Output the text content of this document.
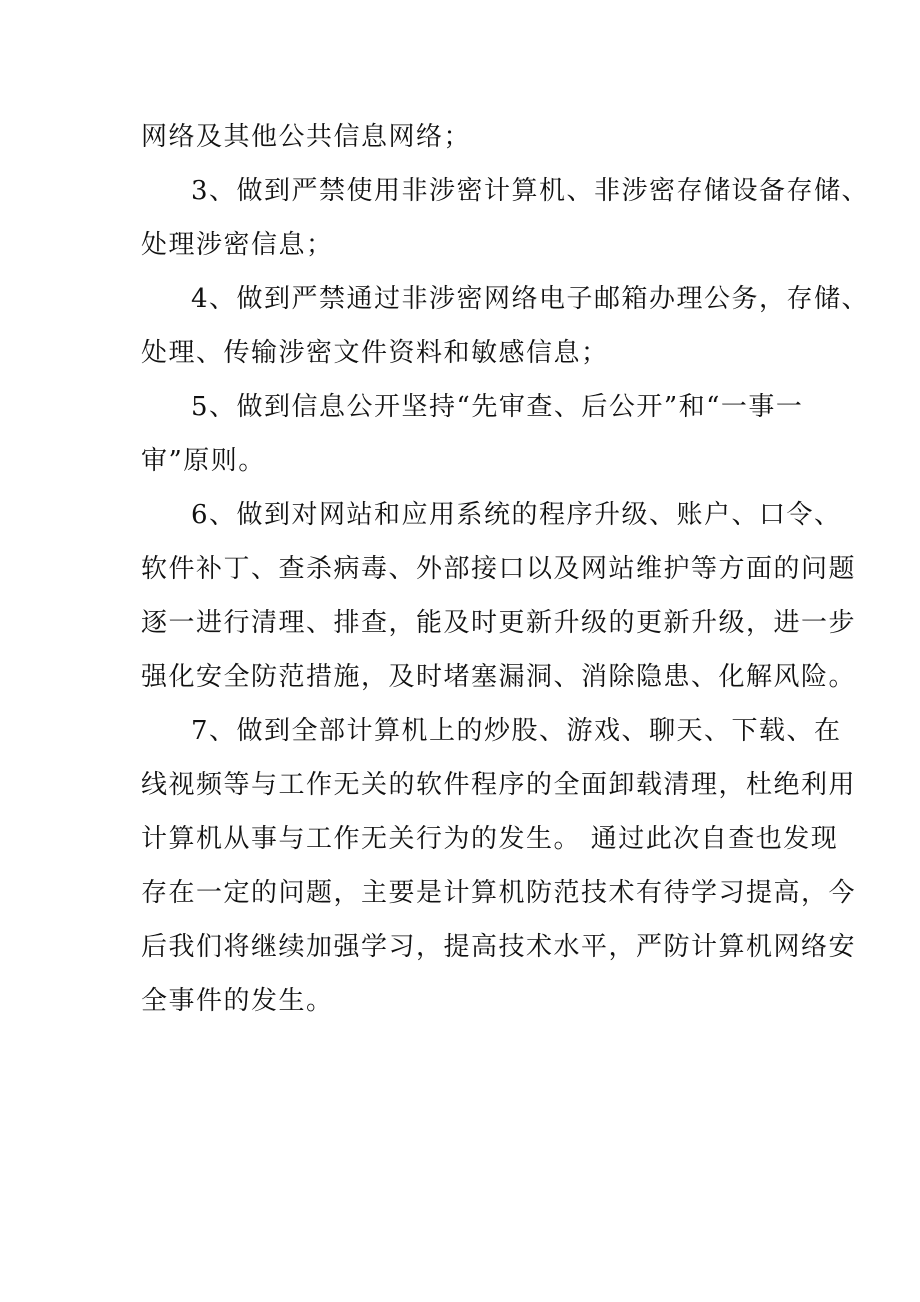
网络及其他公共信息网络；
3、做到严禁使用非涉密计算机、非涉密存储设备存储、
处理涉密信息；
4、做到严禁通过非涉密网络电子邮箱办理公务，存储、
处理、传输涉密文件资料和敏感信息；
5、做到信息公开坚持“先审查、后公开”和“一事一
审”原则。
6、做到对网站和应用系统的程序升级、账户、口令、
软件补丁、查杀病毒、外部接口以及网站维护等方面的问题
逐一进行清理、排查，能及时更新升级的更新升级，进一步
强化安全防范措施，及时堵塞漏洞、消除隐患、化解风险。
7、做到全部计算机上的炒股、游戏、聊天、下载、在
线视频等与工作无关的软件程序的全面卸载清理，杜绝利用
计算机从事与工作无关行为的发生。 通过此次自查也发现
存在一定的问题，主要是计算机防范技术有待学习提高，今
后我们将继续加强学习，提高技术水平，严防计算机网络安
全事件的发生。
